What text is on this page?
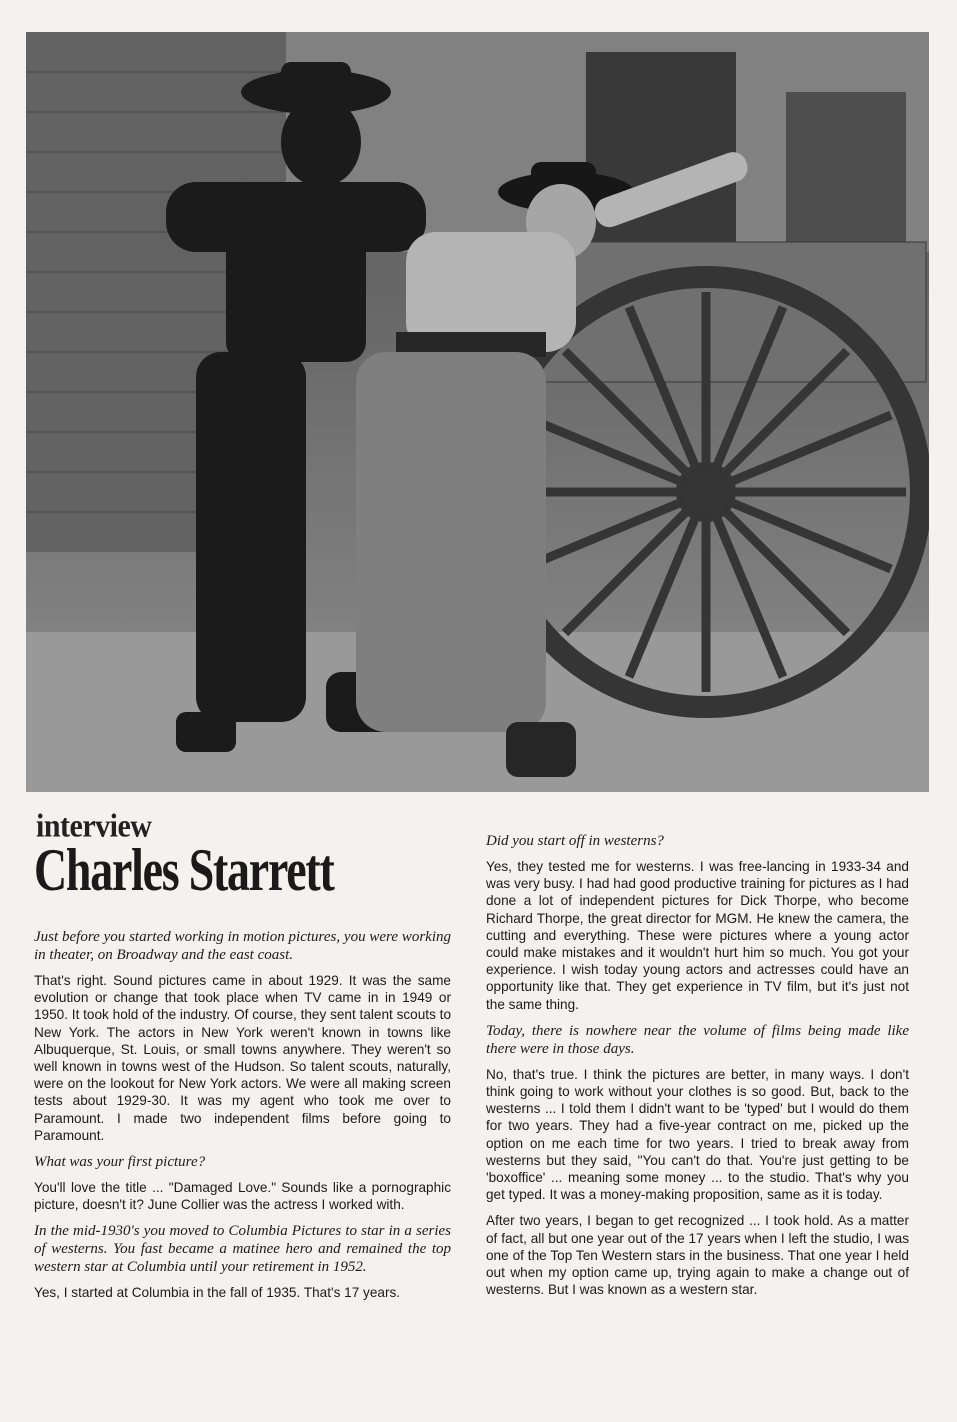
interview
Charles Starrett

Just before you started working in motion pictures, you were working in theater, on Broadway and the east coast.

That's right. Sound pictures came in about 1929. It was the same evolution or change that took place when TV came in in 1949 or 1950. It took hold of the industry. Of course, they sent talent scouts to New York. The actors in New York weren't known in towns like Albuquerque, St. Louis, or small towns anywhere. They weren't so well known in towns west of the Hudson. So talent scouts, naturally, were on the lookout for New York actors. We were all making screen tests about 1929-30. It was my agent who took me over to Paramount. I made two independent films before going to Paramount.

What was your first picture?

You'll love the title ... "Damaged Love." Sounds like a pornographic picture, doesn't it? June Collier was the actress I worked with.

In the mid-1930's you moved to Columbia Pictures to star in a series of westerns. You fast became a matinee hero and remained the top western star at Columbia until your retirement in 1952.

Yes, I started at Columbia in the fall of 1935. That's 17 years.

Did you start off in westerns?

Yes, they tested me for westerns. I was free-lancing in 1933-34 and was very busy. I had had good productive training for pictures as I had done a lot of independent pictures for Dick Thorpe, who become Richard Thorpe, the great director for MGM. He knew the camera, the cutting and everything. These were pictures where a young actor could make mistakes and it wouldn't hurt him so much. You got your experience. I wish today young actors and actresses could have an opportunity like that. They get experience in TV film, but it's just not the same thing.

Today, there is nowhere near the volume of films being made like there were in those days.

No, that's true. I think the pictures are better, in many ways. I don't think going to work without your clothes is so good. But, back to the westerns ... I told them I didn't want to be 'typed' but I would do them for two years. They had a five-year contract on me, picked up the option on me each time for two years. I tried to break away from westerns but they said, "You can't do that. You're just getting to be 'boxoffice' ... meaning some money ... to the studio. That's why you get typed. It was a money-making proposition, same as it is today.

After two years, I began to get recognized ... I took hold. As a matter of fact, all but one year out of the 17 years when I left the studio, I was one of the Top Ten Western stars in the business. That one year I held out when my option came up, trying again to make a change out of westerns. But I was known as a western star.
